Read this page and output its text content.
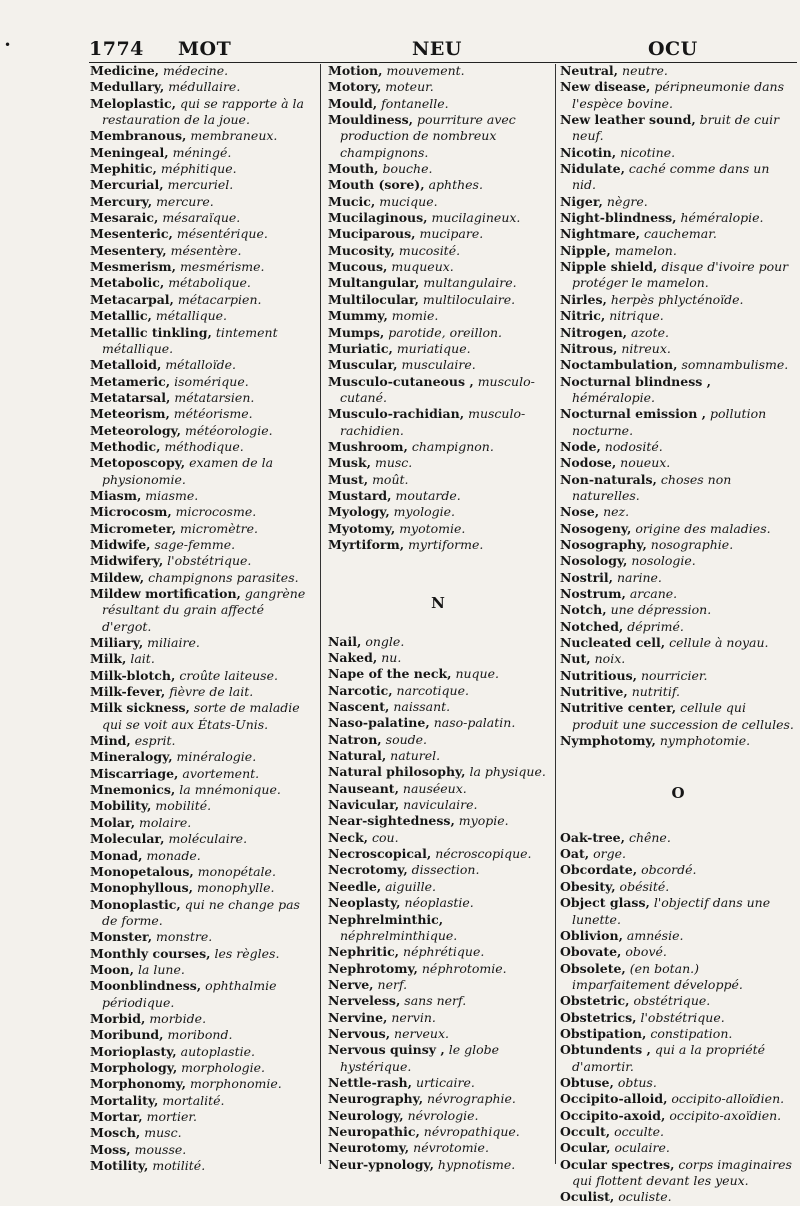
•	1774 MOT	NEU	OCU
Medicine, médecine.
Medullary, médullaire.
Meloplastic, qui se rapporte à la restauration de la joue.
Membranous, membraneux.
Meningeal, méningé.
Mephitic, méphitique.
Mercurial, mercuriel.
Mercury, mercure.
Mesaraic, mésaraïque.
Mesenteric, mésentérique.
Mesentery, mésentère.
Mesmerism, mesmérisme.
Metabolic, métabolique.
Metacarpal, métacarpien.
Metallic, métallique.
Metallic tinkling, tintement métallique.
Metalloid, métalloïde.
Metameric, isomérique.
Metatarsal, métatarsien.
Meteorism, météorisme.
Meteorology, météorologie.
Methodic, méthodique.
Metoposcopy, examen de la physionomie.
Miasm, miasme.
Microcosm, microcosme.
Micrometer, micromètre.
Midwife, sage-femme.
Midwifery, l'obstétrique.
Mildew, champignons parasites.
Mildew mortification, gangrène résultant du grain affecté d'ergot.
Miliary, miliaire.
Milk, lait.
Milk-blotch, croûte laiteuse.
Milk-fever, fièvre de lait.
Milk sickness, sorte de maladie qui se voit aux États-Unis.
Mind, esprit.
Mineralogy, minéralogie.
Miscarriage, avortement.
Mnemonics, la mnémonique.
Mobility, mobilité.
Molar, molaire.
Molecular, moléculaire.
Monad, monade.
Monopetalous, monopétale.
Monophyllous, monophylle.
Monoplastic, qui ne change pas de forme.
Monster, monstre.
Monthly courses, les règles.
Moon, la lune.
Moonblindness, ophthalmie périodique.
Morbid, morbide.
Moribund, moribond.
Morioplasty, autoplastie.
Morphology, morphologie.
Morphonomy, morphonomie.
Mortality, mortalité.
Mortar, mortier.
Mosch, musc.
Moss, mousse.
Motility, motilité.
Motion, mouvement.
Motory, moteur.
Mould, fontanelle.
Mouldiness, pourriture avec production de nombreux champignons.
Mouth, bouche.
Mouth (sore), aphthes.
Mucic, mucique.
Mucilaginous, mucilagineux.
Muciparous, mucipare.
Mucosity, mucosité.
Mucous, muqueux.
Multangular, multangulaire.
Multilocular, multiloculaire.
Mummy, momie.
Mumps, parotide, oreillon.
Muriatic, muriatique.
Muscular, musculaire.
Musculo-cutaneous , musculo-cutané.
Musculo-rachidian, musculo-rachidien.
Mushroom, champignon.
Musk, musc.
Must, moût.
Mustard, moutarde.
Myology, myologie.
Myotomy, myotomie.
Myrtiform, myrtiforme.
N
Nail, ongle.
Naked, nu.
Nape of the neck, nuque.
Narcotic, narcotique.
Nascent, naissant.
Naso-palatine, naso-palatin.
Natron, soude.
Natural, naturel.
Natural philosophy, la physique.
Nauseant, nauséeux.
Navicular, naviculaire.
Near-sightedness, myopie.
Neck, cou.
Necroscopical, nécroscopique.
Necrotomy, dissection.
Needle, aiguille.
Neoplasty, néoplastie.
Nephrelminthic, néphrelminthique.
Nephritic, néphrétique.
Nephrotomy, néphrotomie.
Nerve, nerf.
Nerveless, sans nerf.
Nervine, nervin.
Nervous, nerveux.
Nervous quinsy , le globe hystérique.
Nettle-rash, urticaire.
Neurography, névrographie.
Neurology, névrologie.
Neuropathic, névropathique.
Neurotomy, névrotomie.
Neur-ypnology, hypnotisme.
Neutral, neutre.
New disease, péripneumonie dans l'espèce bovine.
New leather sound, bruit de cuir neuf.
Nicotin, nicotine.
Nidulate, caché comme dans un nid.
Niger, nègre.
Night-blindness, héméralopie.
Nightmare, cauchemar.
Nipple, mamelon.
Nipple shield, disque d'ivoire pour protéger le mamelon.
Nirles, herpès phlycténoïde.
Nitric, nitrique.
Nitrogen, azote.
Nitrous, nitreux.
Noctambulation, somnambulisme.
Nocturnal blindness , héméralopie.
Nocturnal emission , pollution nocturne.
Node, nodosité.
Nodose, noueux.
Non-naturals, choses non naturelles.
Nose, nez.
Nosogeny, origine des maladies.
Nosography, nosographie.
Nosology, nosologie.
Nostril, narine.
Nostrum, arcane.
Notch, une dépression.
Notched, déprimé.
Nucleated cell, cellule à noyau.
Nut, noix.
Nutritious, nourricier.
Nutritive, nutritif.
Nutritive center, cellule qui produit une succession de cellules.
Nymphotomy, nymphotomie.
O
Oak-tree, chêne.
Oat, orge.
Obcordate, obcordé.
Obesity, obésité.
Object glass, l'objectif dans une lunette.
Oblivion, amnésie.
Obovate, obové.
Obsolete, (en botan.) imparfaitement développé.
Obstetric, obstétrique.
Obstetrics, l'obstétrique.
Obstipation, constipation.
Obtundents , qui a la propriété d'amortir.
Obtuse, obtus.
Occipito-alloid, occipito-alloïdien.
Occipito-axoid, occipito-axoïdien.
Occult, occulte.
Ocular, oculaire.
Ocular spectres, corps imaginaires qui flottent devant les yeux.
Oculist, oculiste.
